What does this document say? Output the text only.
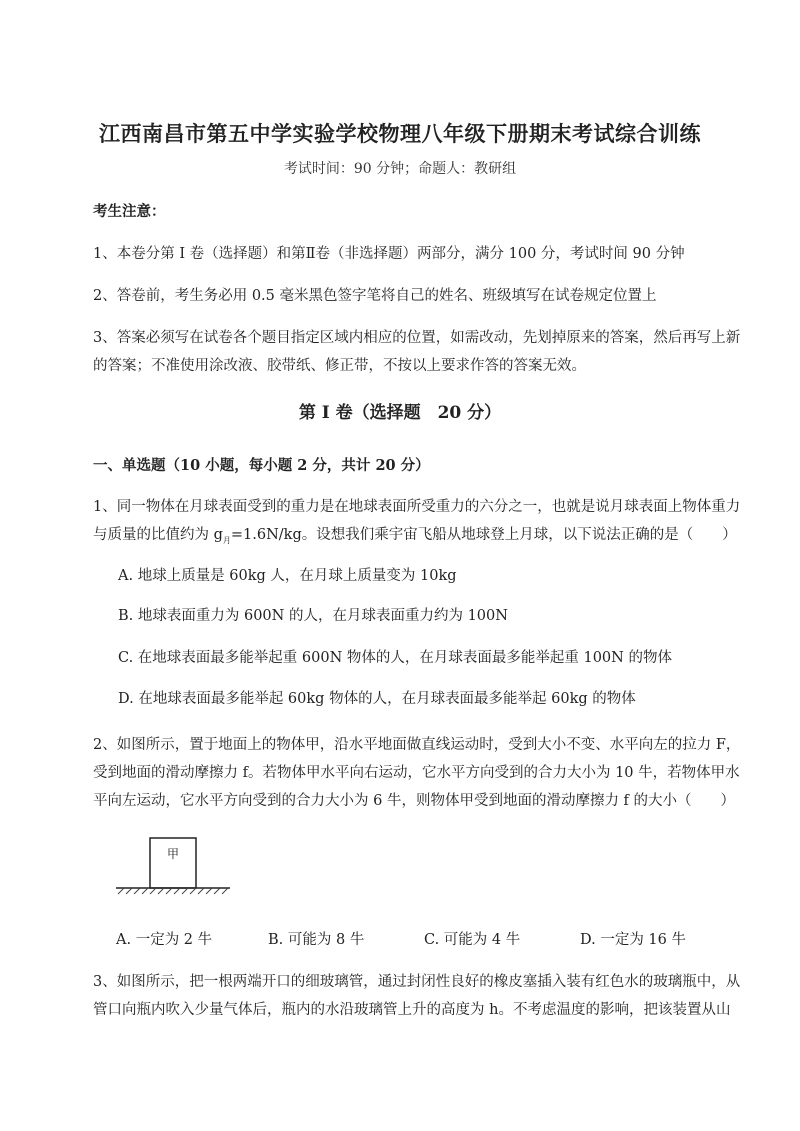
江西南昌市第五中学实验学校物理八年级下册期末考试综合训练
考试时间：90 分钟；命题人：教研组
考生注意：
1、本卷分第 I 卷（选择题）和第Ⅱ卷（非选择题）两部分，满分 100 分，考试时间 90 分钟
2、答卷前，考生务必用 0.5 毫米黑色签字笔将自己的姓名、班级填写在试卷规定位置上
3、答案必须写在试卷各个题目指定区域内相应的位置，如需改动，先划掉原来的答案，然后再写上新的答案；不准使用涂改液、胶带纸、修正带，不按以上要求作答的答案无效。
第 I 卷（选择题　20 分）
一、单选题（10 小题，每小题 2 分，共计 20 分）
1、同一物体在月球表面受到的重力是在地球表面所受重力的六分之一，也就是说月球表面上物体重力与质量的比值约为 $g_月=1.6N/kg$。设想我们乘宇宙飞船从地球登上月球，以下说法正确的是（　　）
A. 地球上质量是 60kg 人，在月球上质量变为 10kg
B. 地球表面重力为 600N 的人，在月球表面重力约为 100N
C. 在地球表面最多能举起重 600N 物体的人，在月球表面最多能举起重 100N 的物体
D. 在地球表面最多能举起 60kg 物体的人，在月球表面最多能举起 60kg 的物体
2、如图所示，置于地面上的物体甲，沿水平地面做直线运动时，受到大小不变、水平向左的拉力 F，受到地面的滑动摩擦力 f。若物体甲水平向右运动，它水平方向受到的合力大小为 10 牛，若物体甲水平向左运动，它水平方向受到的合力大小为 6 牛，则物体甲受到地面的滑动摩擦力 f 的大小（　　）
甲
A. 一定为 2 牛	B. 可能为 8 牛	C. 可能为 4 牛	D. 一定为 16 牛
3、如图所示，把一根两端开口的细玻璃管，通过封闭性良好的橡皮塞插入装有红色水的玻璃瓶中，从管口向瓶内吹入少量气体后，瓶内的水沿玻璃管上升的高度为 h。不考虑温度的影响，把该装置从山
